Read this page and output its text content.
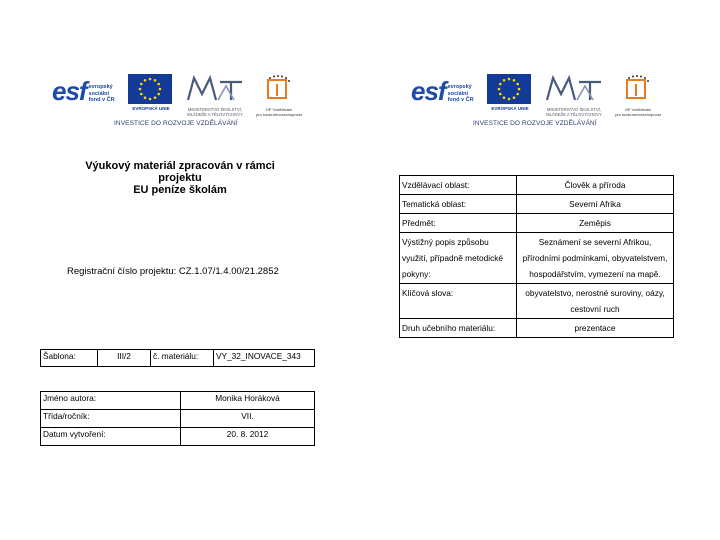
esf evropský
sociální
fond v ČR
EVROPSKÁ UNIE	MINISTERSTVO ŠKOLSTVÍ,
MLÁDEŽE A TĚLOVÝCHOVY
OP Vzdělávání
pro konkurenceschopnost
INVESTICE DO ROZVOJE VZDĚLÁVÁNÍ
Výukový materiál zpracován v rámci projektu
EU peníze školám
Registrační číslo projektu: CZ.1.07/1.4.00/21.2852
Šablona:	III/2	č. materiálu:	VY_32_INOVACE_343
Jméno autora:	Monika Horáková
Třída/ročník:	VII.
Datum vytvoření:	20. 8. 2012
esf evropský
sociální
fond v ČR
EVROPSKÁ UNIE	MINISTERSTVO ŠKOLSTVÍ,
MLÁDEŽE A TĚLOVÝCHOVY
OP Vzdělávání
pro konkurenceschopnost
INVESTICE DO ROZVOJE VZDĚLÁVÁNÍ
Vzdělávací oblast:	Člověk a příroda
Tematická oblast:	Severní Afrika
Předmět:	Zeměpis
Výstižný popis způsobu využití, případně metodické pokyny:	Seznámení se severní Afrikou, přírodními podmínkami, obyvatelstvem, hospodářstvím, vymezení na mapě.
Klíčová slova:	obyvatelstvo, nerostné suroviny, oázy, cestovní ruch
Druh učebního materiálu:	prezentace
